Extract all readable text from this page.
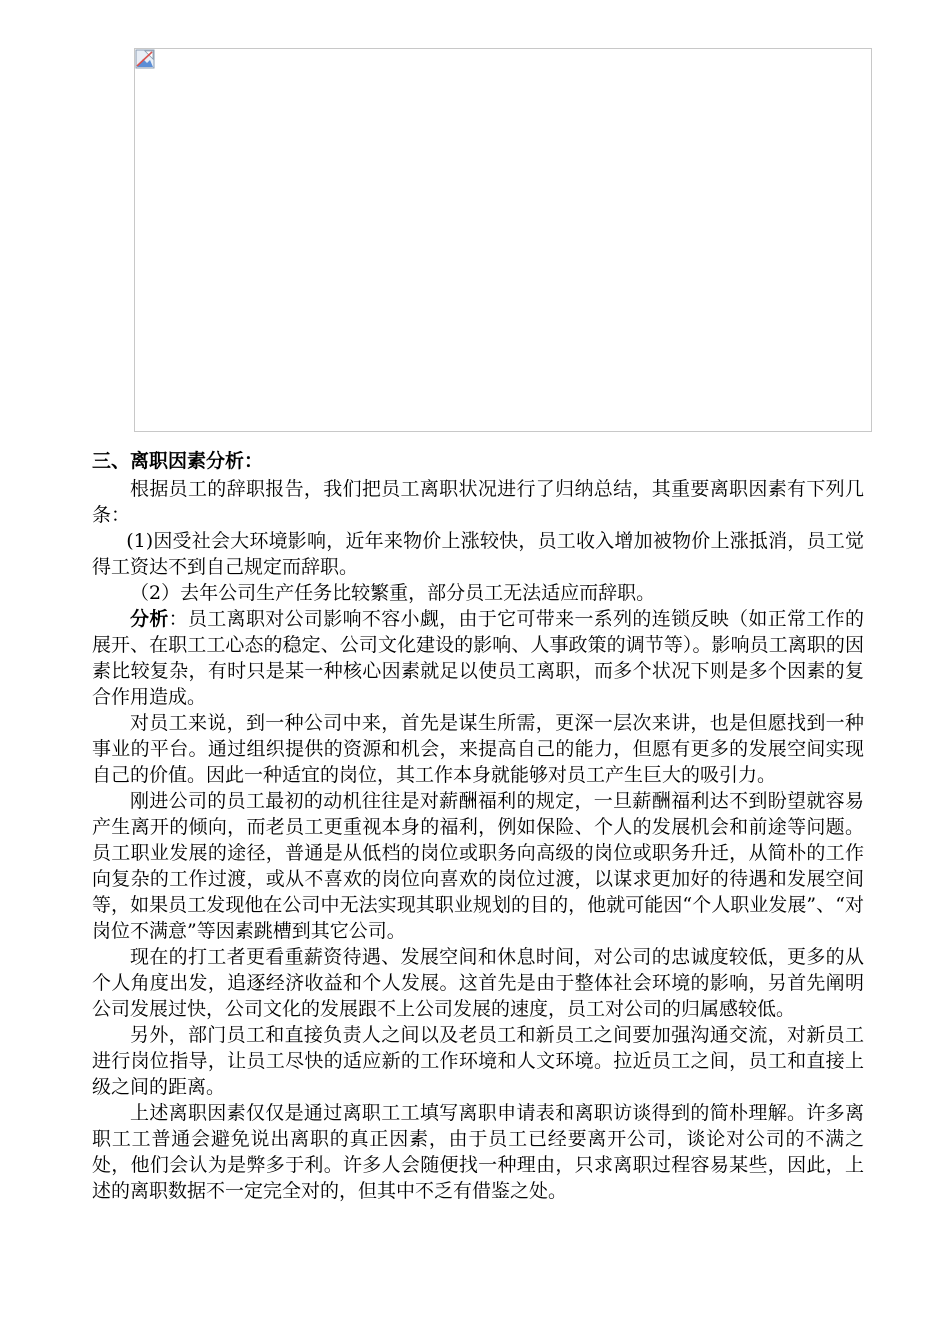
三、离职因素分析：

根据员工的辞职报告，我们把员工离职状况进行了归纳总结，其重要离职因素有下列几条：

(1)因受社会大环境影响，近年来物价上涨较快，员工收入增加被物价上涨抵消，员工觉得工资达不到自己规定而辞职。

（2）去年公司生产任务比较繁重，部分员工无法适应而辞职。

分析：员工离职对公司影响不容小觑，由于它可带来一系列的连锁反映（如正常工作的展开、在职工工心态的稳定、公司文化建设的影响、人事政策的调节等）。影响员工离职的因素比较复杂，有时只是某一种核心因素就足以使员工离职，而多个状况下则是多个因素的复合作用造成。

对员工来说，到一种公司中来，首先是谋生所需，更深一层次来讲，也是但愿找到一种事业的平台。通过组织提供的资源和机会，来提高自己的能力，但愿有更多的发展空间实现自己的价值。因此一种适宜的岗位，其工作本身就能够对员工产生巨大的吸引力。

刚进公司的员工最初的动机往往是对薪酬福利的规定，一旦薪酬福利达不到盼望就容易产生离开的倾向，而老员工更重视本身的福利，例如保险、个人的发展机会和前途等问题。员工职业发展的途径，普通是从低档的岗位或职务向高级的岗位或职务升迁，从简朴的工作向复杂的工作过渡，或从不喜欢的岗位向喜欢的岗位过渡，以谋求更加好的待遇和发展空间等，如果员工发现他在公司中无法实现其职业规划的目的，他就可能因“个人职业发展”、“对岗位不满意”等因素跳槽到其它公司。

现在的打工者更看重薪资待遇、发展空间和休息时间，对公司的忠诚度较低，更多的从个人角度出发，追逐经济收益和个人发展。这首先是由于整体社会环境的影响，另首先阐明公司发展过快，公司文化的发展跟不上公司发展的速度，员工对公司的归属感较低。

另外，部门员工和直接负责人之间以及老员工和新员工之间要加强沟通交流，对新员工进行岗位指导，让员工尽快的适应新的工作环境和人文环境。拉近员工之间，员工和直接上级之间的距离。

上述离职因素仅仅是通过离职工工填写离职申请表和离职访谈得到的简朴理解。许多离职工工普通会避免说出离职的真正因素，由于员工已经要离开公司，谈论对公司的不满之处，他们会认为是弊多于利。许多人会随便找一种理由，只求离职过程容易某些，因此，上述的离职数据不一定完全对的，但其中不乏有借鉴之处。
